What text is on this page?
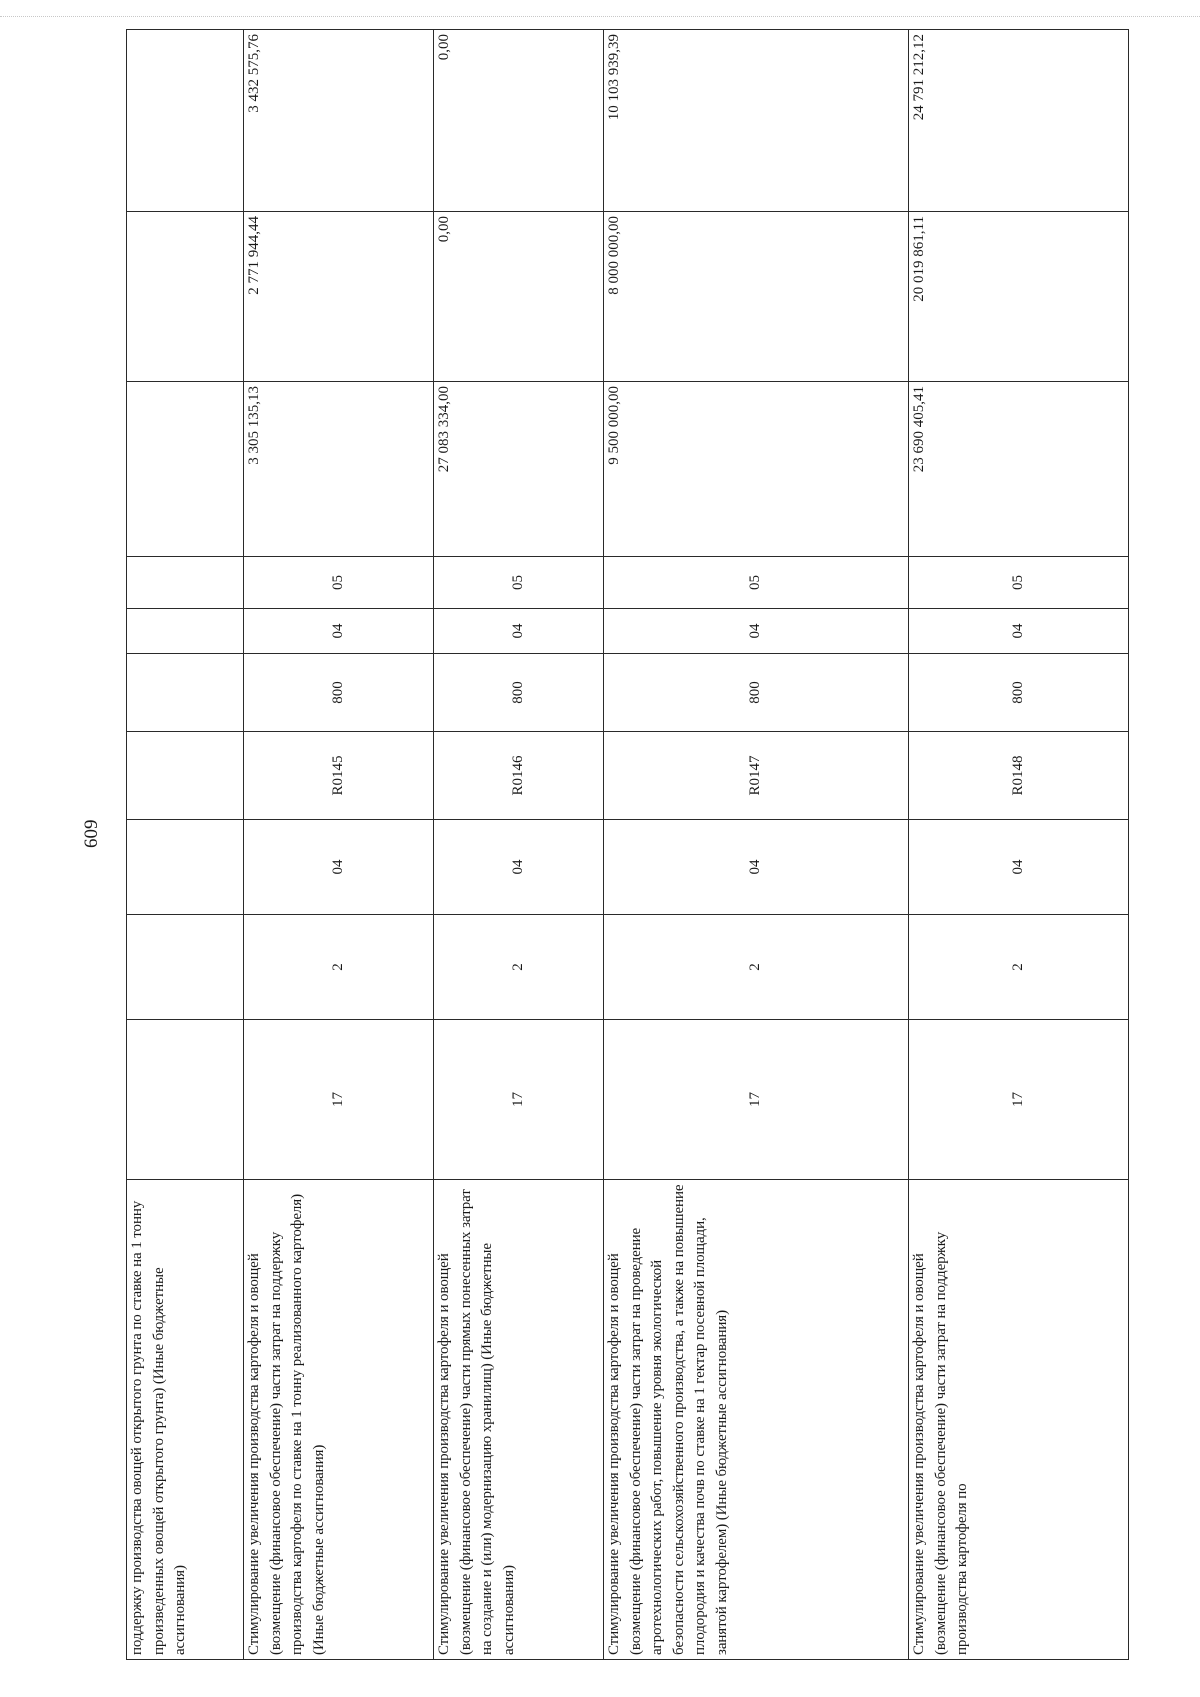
609
поддержку производства овощей открытого грунта по ставке на 1 тонну произведенных овощей открытого грунта) (Иные бюджетные ассигнования)										
Стимулирование увеличения производства картофеля и овощей (возмещение (финансовое обеспечение) части затрат на поддержку производства картофеля по ставке на 1 тонну реализованного картофеля) (Иные бюджетные ассигнования)	17	2	04	R0145	800	04	05	3 305 135,13	2 771 944,44	3 432 575,76
Стимулирование увеличения производства картофеля и овощей (возмещение (финансовое обеспечение) части прямых понесенных затрат на создание и (или) модернизацию хранилищ) (Иные бюджетные ассигнования)	17	2	04	R0146	800	04	05	27 083 334,00	0,00	0,00
Стимулирование увеличения производства картофеля и овощей (возмещение (финансовое обеспечение) части затрат на проведение агротехнологических работ, повышение уровня экологической безопасности сельскохозяйственного производства, а также на повышение плодородия и качества почв по ставке на 1 гектар посевной площади, занятой картофелем) (Иные бюджетные ассигнования)	17	2	04	R0147	800	04	05	9 500 000,00	8 000 000,00	10 103 939,39
Стимулирование увеличения производства картофеля и овощей (возмещение (финансовое обеспечение) части затрат на поддержку производства картофеля по	17	2	04	R0148	800	04	05	23 690 405,41	20 019 861,11	24 791 212,12
